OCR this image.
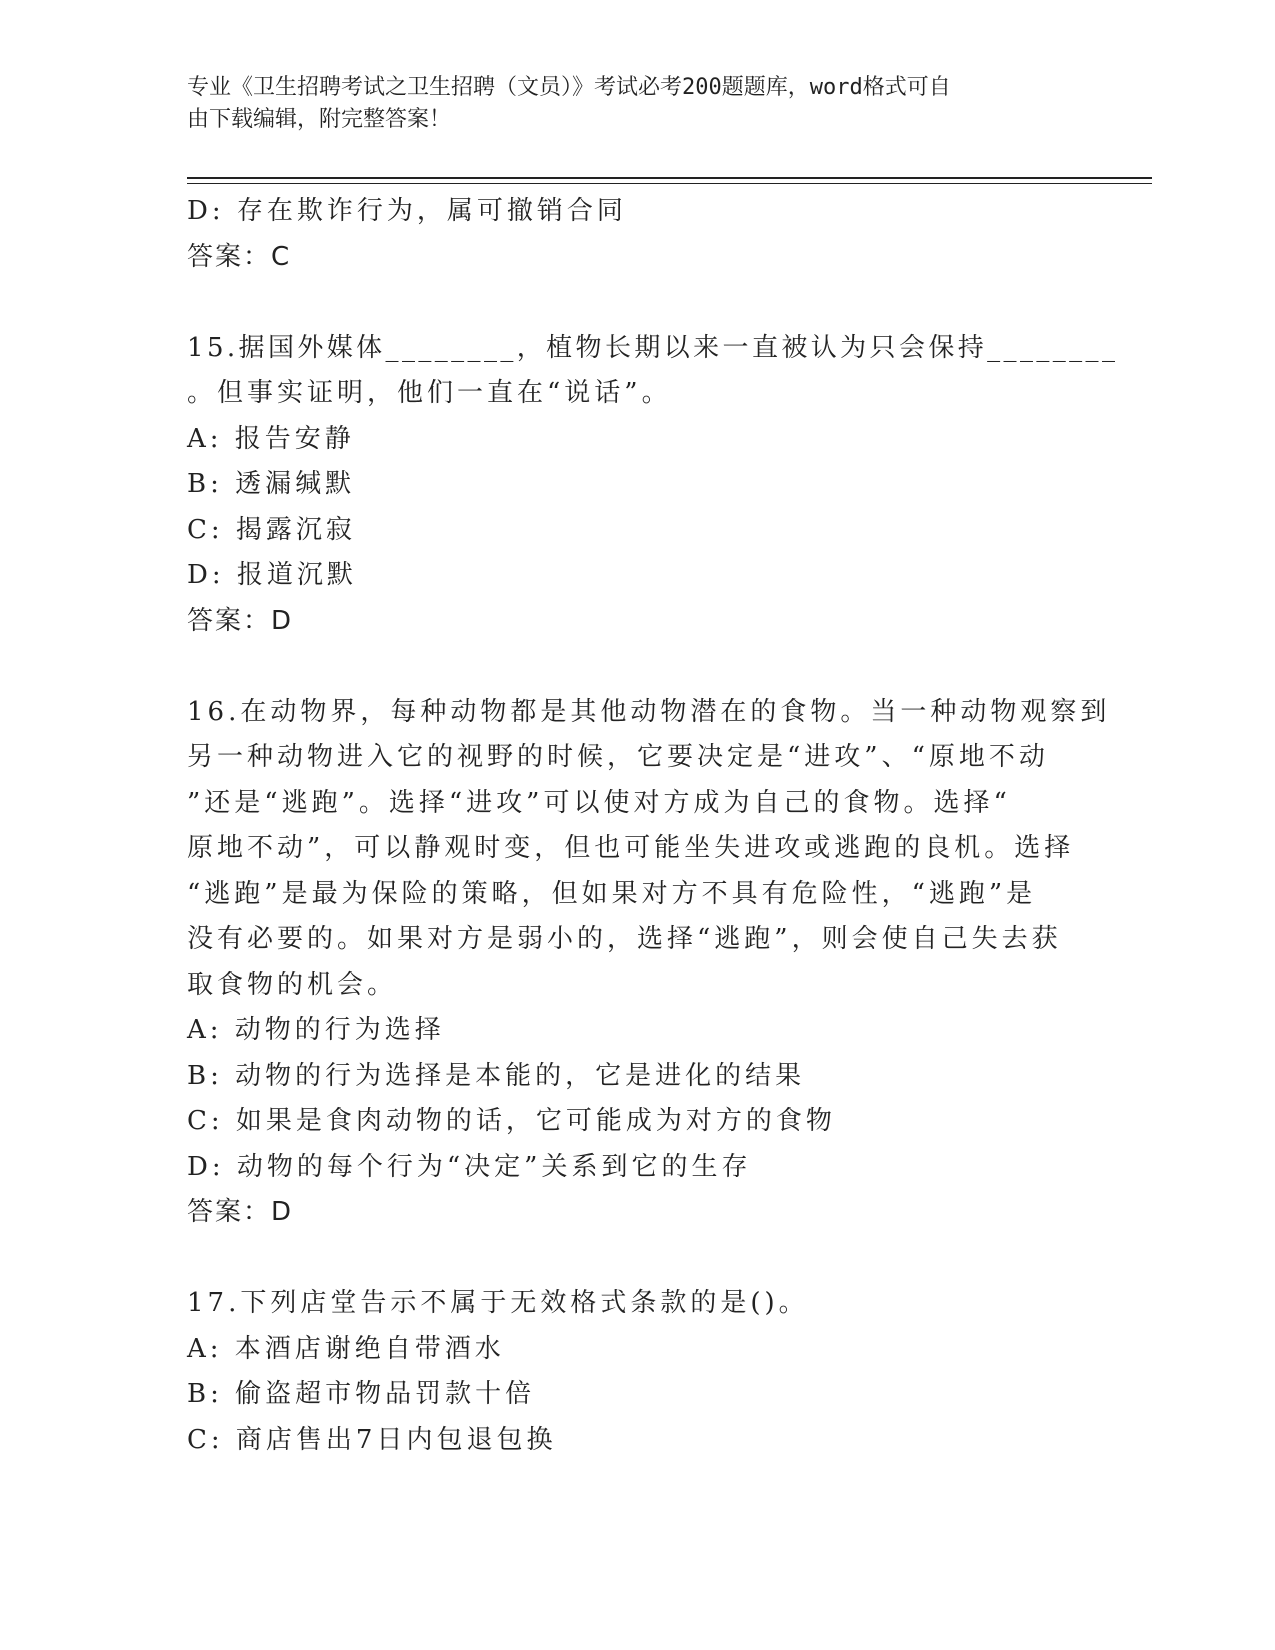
专业《卫生招聘考试之卫生招聘（文员）》考试必考200题题库，word格式可自
由下载编辑，附完整答案！
D: 存在欺诈行为，属可撤销合同
答案：C
15.据国外媒体________，植物长期以来一直被认为只会保持________
。但事实证明，他们一直在“说话”。
A: 报告安静
B: 透漏缄默
C: 揭露沉寂
D: 报道沉默
答案：D
16.在动物界，每种动物都是其他动物潜在的食物。当一种动物观察到
另一种动物进入它的视野的时候，它要决定是“进攻”、“原地不动
”还是“逃跑”。选择“进攻”可以使对方成为自己的食物。选择“
原地不动”，可以静观时变，但也可能坐失进攻或逃跑的良机。选择
“逃跑”是最为保险的策略，但如果对方不具有危险性，“逃跑”是
没有必要的。如果对方是弱小的，选择“逃跑”，则会使自己失去获
取食物的机会。
A: 动物的行为选择
B: 动物的行为选择是本能的，它是进化的结果
C: 如果是食肉动物的话，它可能成为对方的食物
D: 动物的每个行为“决定”关系到它的生存
答案：D
17.下列店堂告示不属于无效格式条款的是()。
A: 本酒店谢绝自带酒水
B: 偷盗超市物品罚款十倍
C: 商店售出7日内包退包换
